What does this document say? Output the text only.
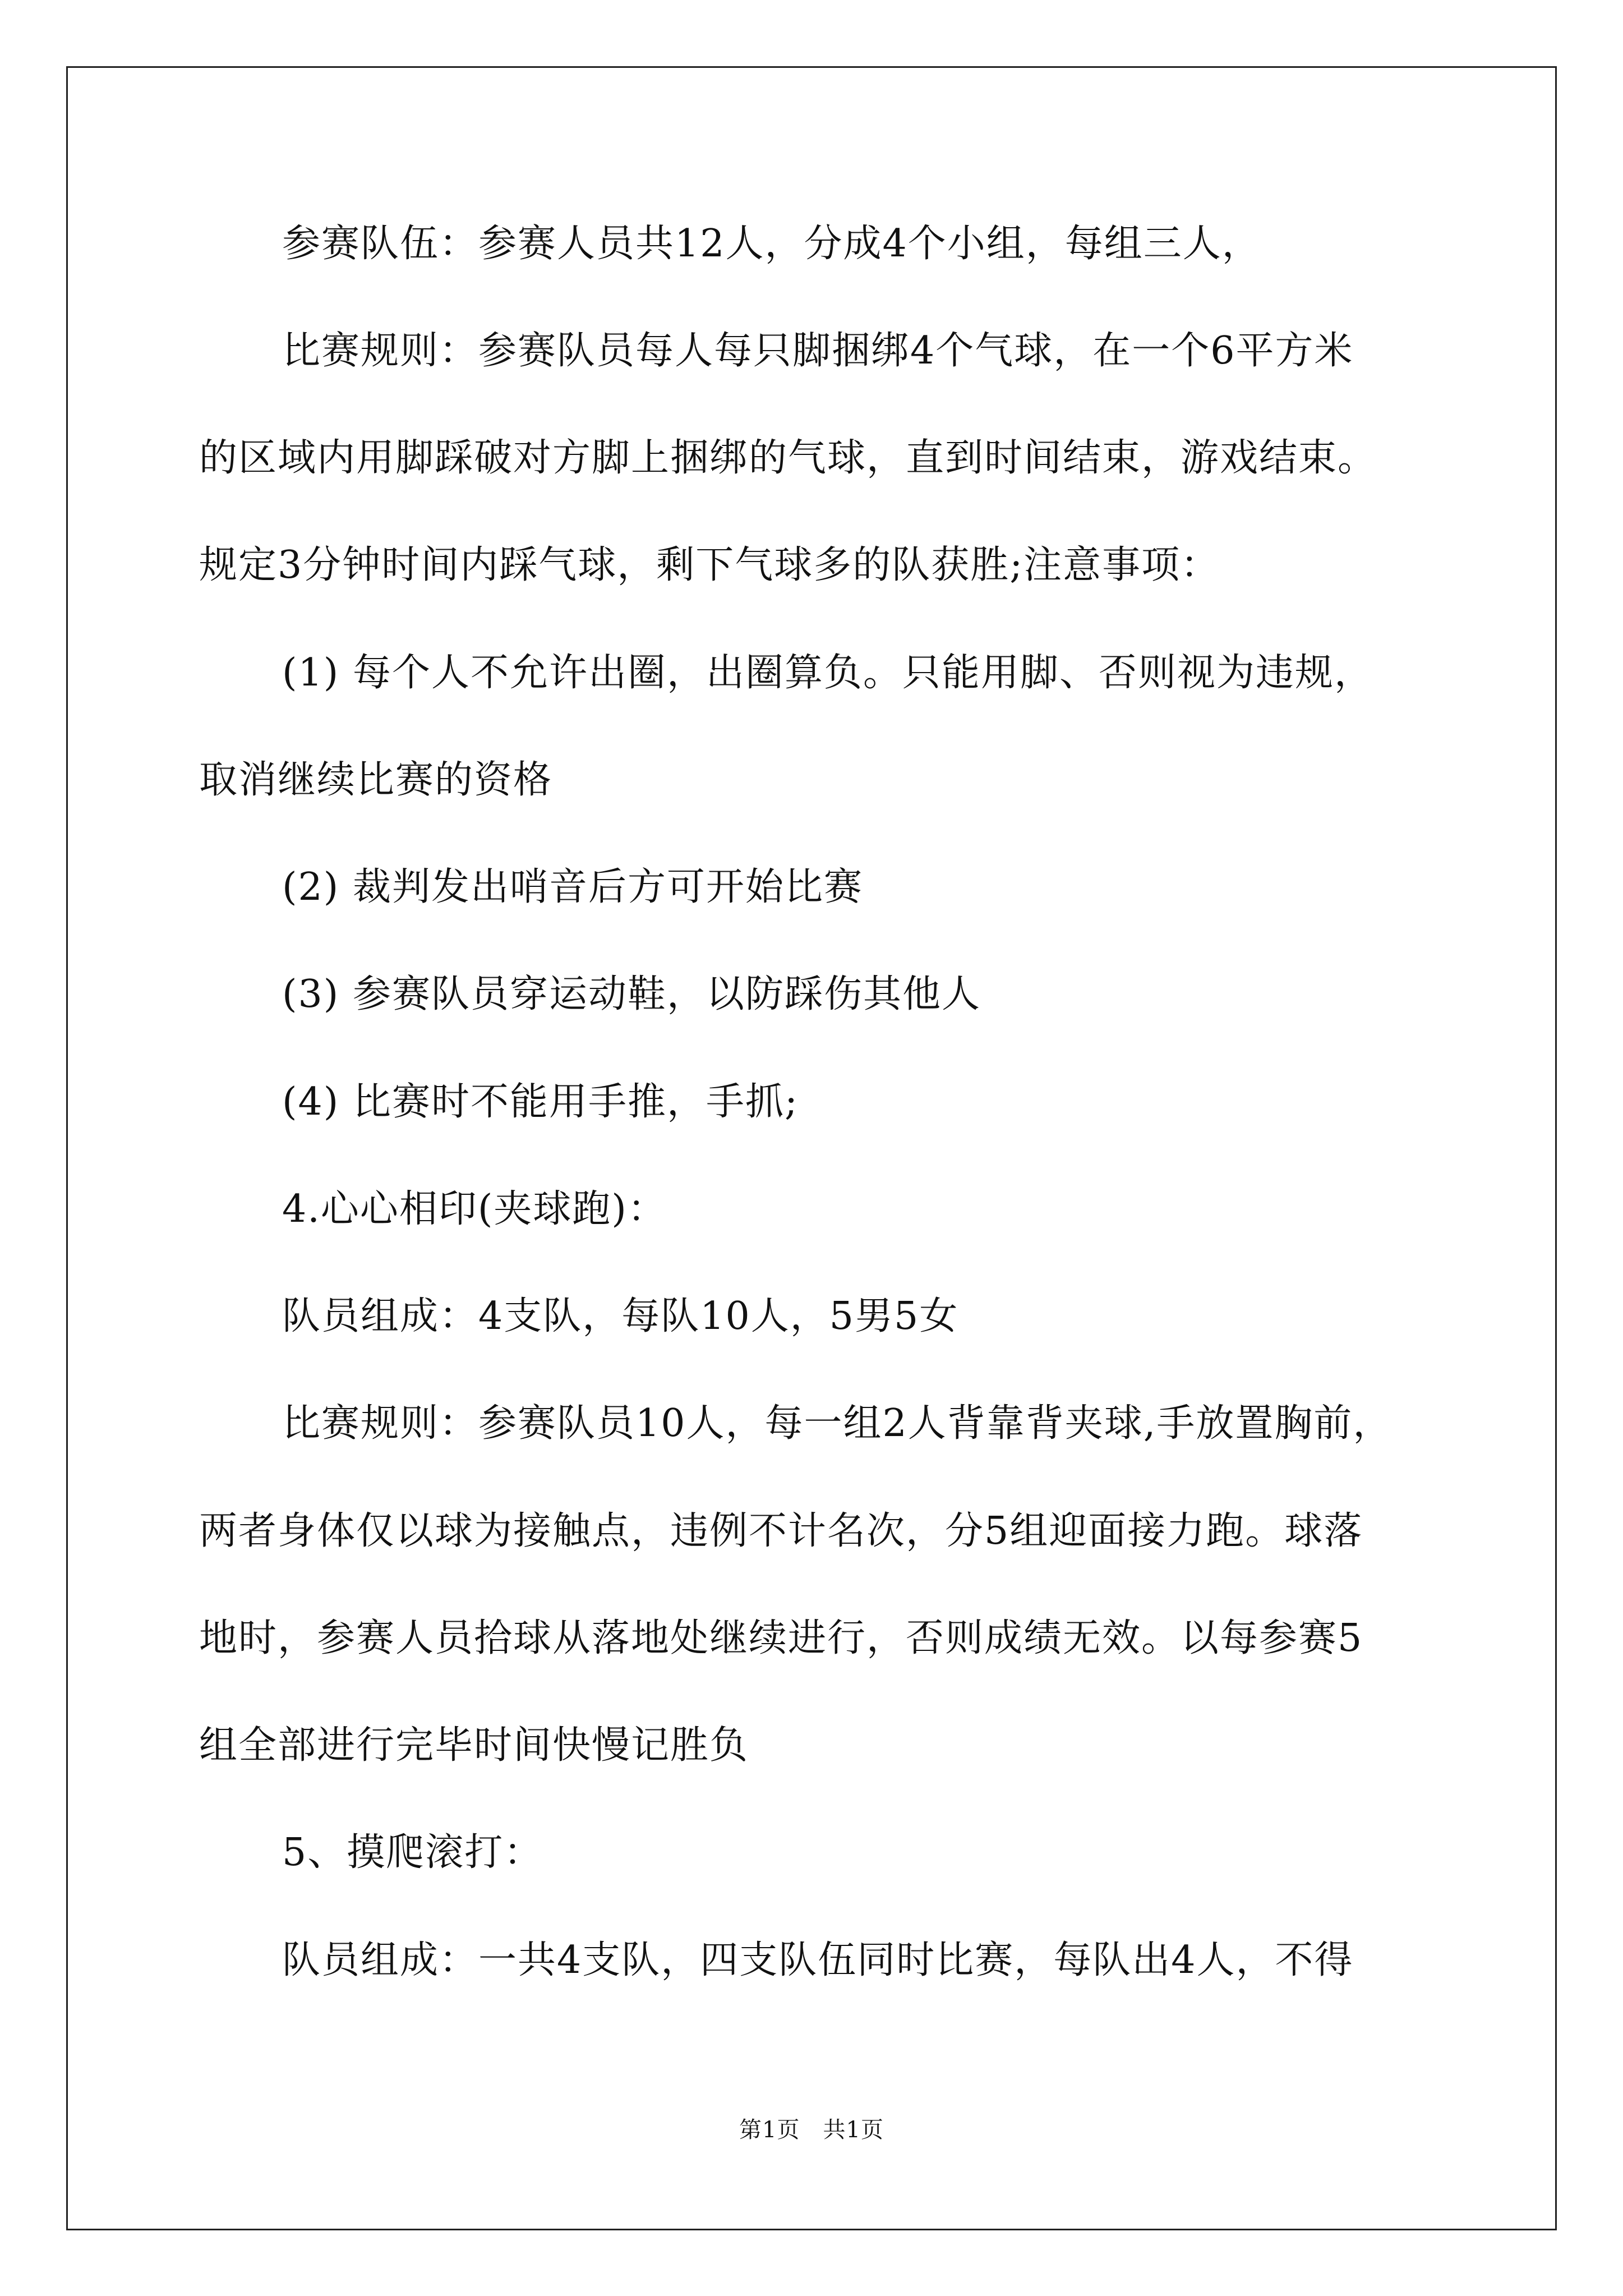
参赛队伍：参赛人员共12人，分成4个小组，每组三人，
比赛规则：参赛队员每人每只脚捆绑4个气球，在一个6平方米
的区域内用脚踩破对方脚上捆绑的气球，直到时间结束，游戏结束。
规定3分钟时间内踩气球，剩下气球多的队获胜;注意事项：
(1) 每个人不允许出圈，出圈算负。只能用脚、否则视为违规，
取消继续比赛的资格
(2) 裁判发出哨音后方可开始比赛
(3) 参赛队员穿运动鞋，以防踩伤其他人
(4) 比赛时不能用手推，手抓;
4.心心相印(夹球跑)：
队员组成：4支队，每队10人，5男5女
比赛规则：参赛队员10人，每一组2人背靠背夹球,手放置胸前，
两者身体仅以球为接触点，违例不计名次，分5组迎面接力跑。球落
地时，参赛人员拾球从落地处继续进行，否则成绩无效。以每参赛5
组全部进行完毕时间快慢记胜负
5、摸爬滚打：
队员组成：一共4支队，四支队伍同时比赛，每队出4人，不得
第1页　共1页
